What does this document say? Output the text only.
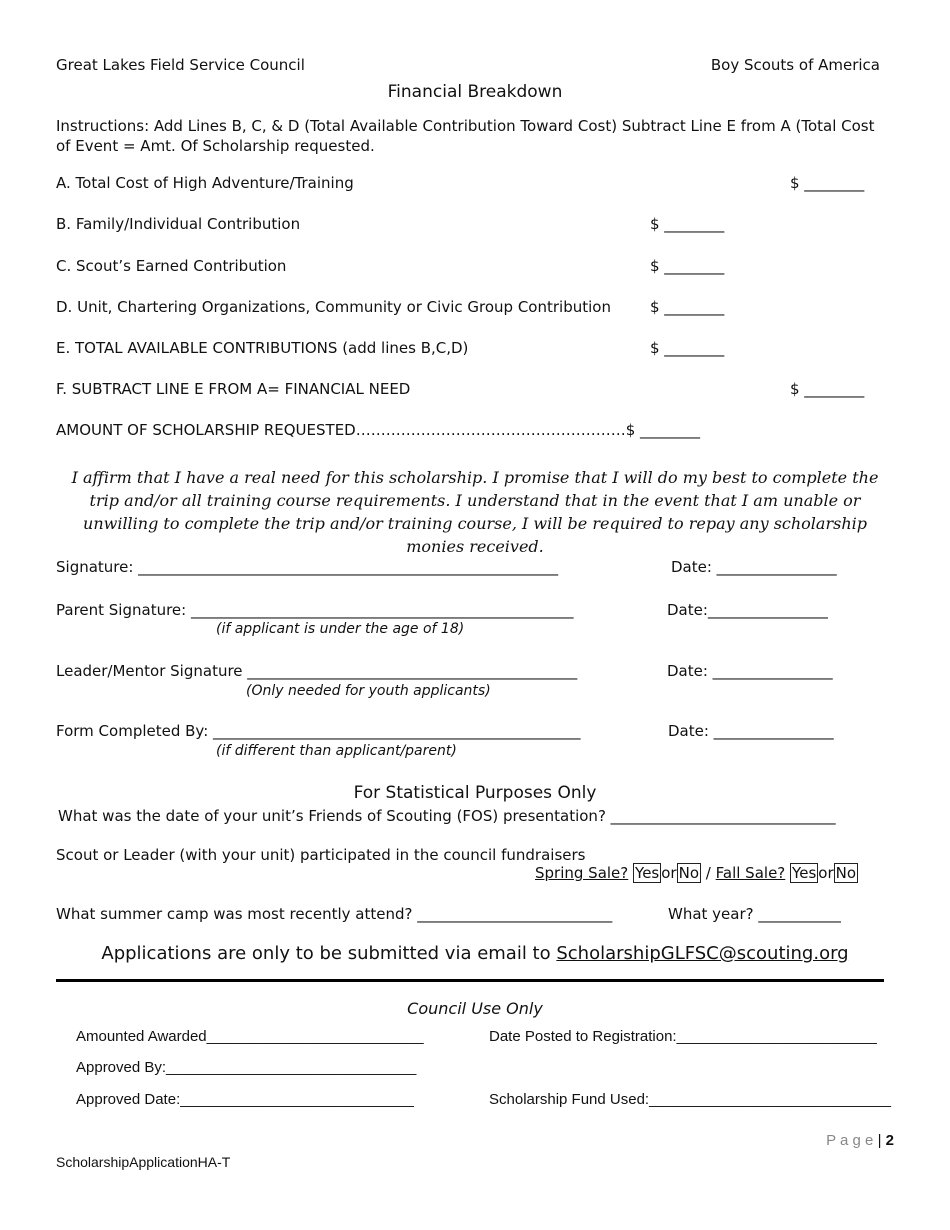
Great Lakes Field Service Council	Boy Scouts of America
Financial Breakdown
Instructions: Add Lines B, C, & D (Total Available Contribution Toward Cost) Subtract Line E from A (Total Cost of Event = Amt. Of Scholarship requested.
A. Total Cost of High Adventure/Training	$ ________
B. Family/Individual Contribution	$ ________
C. Scout’s Earned Contribution	$ ________
D. Unit, Chartering Organizations, Community or Civic Group Contribution	$ ________
E. TOTAL AVAILABLE CONTRIBUTIONS (add lines B,C,D)	$ ________
F. SUBTRACT LINE E FROM A= FINANCIAL NEED	$ ________
AMOUNT OF SCHOLARSHIP REQUESTED………………………………………………$ ________
I affirm that I have a real need for this scholarship. I promise that I will do my best to complete the trip and/or all training course requirements. I understand that in the event that I am unable or unwilling to complete the trip and/or training course, I will be required to repay any scholarship monies received.
Signature: ________________________________________________________	Date: ________________
Parent Signature: ___________________________________________________	Date:________________
(if applicant is under the age of 18)
Leader/Mentor Signature ____________________________________________	Date: ________________
(Only needed for youth applicants)
Form Completed By: _________________________________________________	Date: ________________
(if different than applicant/parent)
For Statistical Purposes Only
What was the date of your unit’s Friends of Scouting (FOS) presentation? ______________________________
Scout or Leader (with your unit) participated in the council fundraisers
Spring Sale? Yes or No / Fall Sale? Yes or No
What summer camp was most recently attend? __________________________	What year? ___________
Applications are only to be submitted via email to ScholarshipGLFSC@scouting.org
Council Use Only
Amounted Awarded__________________________	Date Posted to Registration:________________________
Approved By:______________________________
Approved Date:____________________________	Scholarship Fund Used:_____________________________
P a g e | 2
ScholarshipApplicationHA-T
